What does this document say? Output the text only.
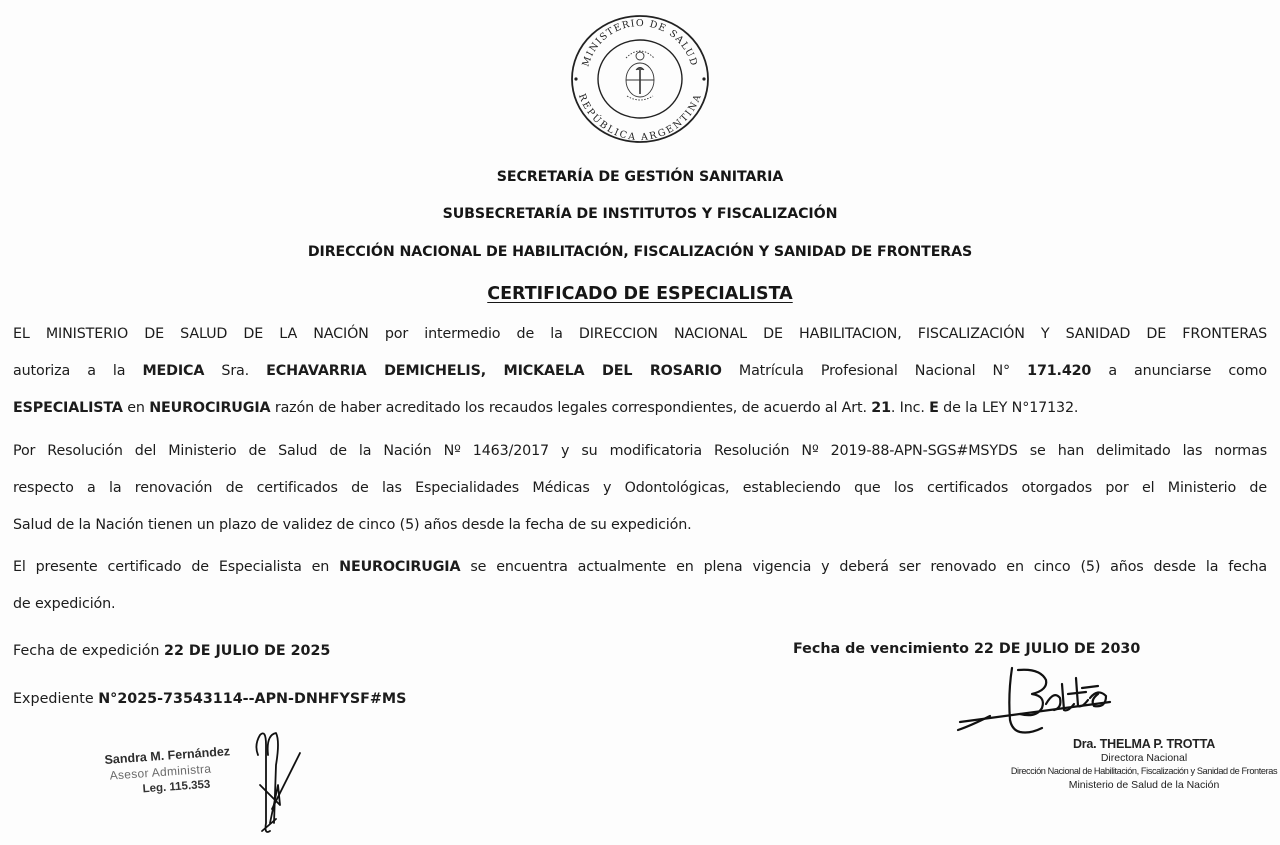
MINISTERIO DE SALUD
REPÚBLICA ARGENTINA
SECRETARÍA DE GESTIÓN SANITARIA
SUBSECRETARÍA DE INSTITUTOS Y FISCALIZACIÓN
DIRECCIÓN NACIONAL DE HABILITACIÓN, FISCALIZACIÓN Y SANIDAD DE FRONTERAS
CERTIFICADO DE ESPECIALISTA
EL MINISTERIO DE SALUD DE LA NACIÓN por intermedio de la DIRECCION NACIONAL DE HABILITACION, FISCALIZACIÓN Y SANIDAD DE FRONTERAS
autoriza a la MEDICA Sra. ECHAVARRIA DEMICHELIS, MICKAELA DEL ROSARIO Matrícula Profesional Nacional N° 171.420 a anunciarse como
ESPECIALISTA en NEUROCIRUGIA razón de haber acreditado los recaudos legales correspondientes, de acuerdo al Art. 21. Inc. E de la LEY N°17132.
Por Resolución del Ministerio de Salud de la Nación Nº 1463/2017 y su modificatoria Resolución Nº 2019-88-APN-SGS#MSYDS se han delimitado las normas
respecto a la renovación de certificados de las Especialidades Médicas y Odontológicas, estableciendo que los certificados otorgados por el Ministerio de
Salud de la Nación tienen un plazo de validez de cinco (5) años desde la fecha de su expedición.
El presente certificado de Especialista en NEUROCIRUGIA se encuentra actualmente en plena vigencia y deberá ser renovado en cinco (5) años desde la fecha
de expedición.
Fecha de expedición 22 DE JULIO DE 2025	Fecha de vencimiento 22 DE JULIO DE 2030
Expediente N°2025-73543114--APN-DNHFYSF#MS
Dra. THELMA P. TROTTA
Directora Nacional
Dirección Nacional de Habilitación, Fiscalización y Sanidad de Fronteras
Ministerio de Salud de la Nación
Sandra M. Fernández
Asesor Administra
Leg. 115.353
